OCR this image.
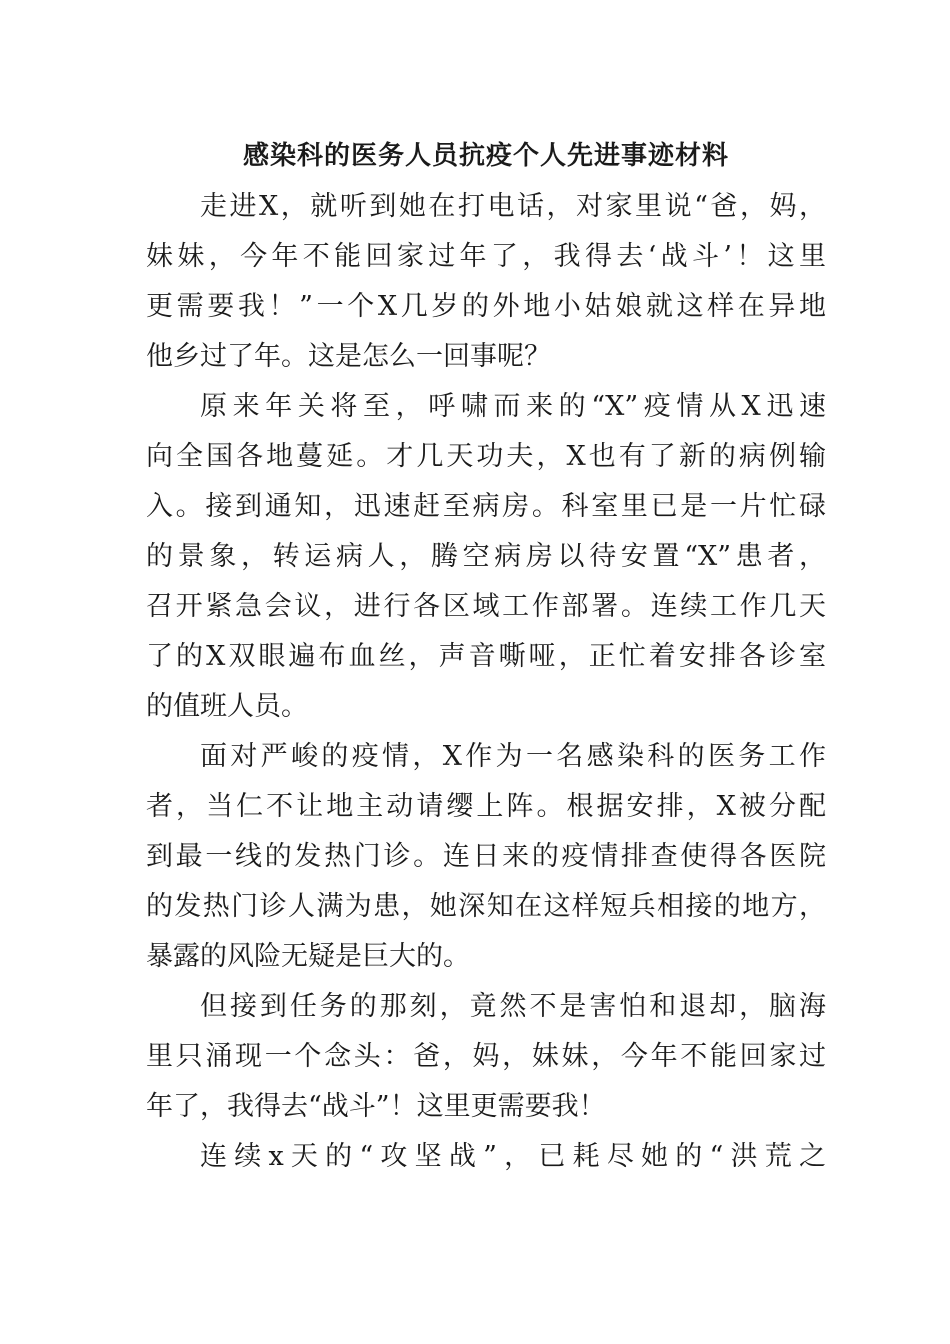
感染科的医务人员抗疫个人先进事迹材料
走进X，就听到她在打电话，对家里说“爸，妈，
妹妹，今年不能回家过年了，我得去‘战斗’！这里
更需要我！”一个X几岁的外地小姑娘就这样在异地
他乡过了年。这是怎么一回事呢？
原来年关将至，呼啸而来的“X”疫情从X迅速
向全国各地蔓延。才几天功夫，X也有了新的病例输
入。接到通知，迅速赶至病房。科室里已是一片忙碌
的景象，转运病人，腾空病房以待安置“X”患者，
召开紧急会议，进行各区域工作部署。连续工作几天
了的X双眼遍布血丝，声音嘶哑，正忙着安排各诊室
的值班人员。
面对严峻的疫情，X作为一名感染科的医务工作
者，当仁不让地主动请缨上阵。根据安排，X被分配
到最一线的发热门诊。连日来的疫情排查使得各医院
的发热门诊人满为患，她深知在这样短兵相接的地方，
暴露的风险无疑是巨大的。
但接到任务的那刻，竟然不是害怕和退却，脑海
里只涌现一个念头：爸，妈，妹妹，今年不能回家过
年了，我得去“战斗”！这里更需要我！
连续x天的“攻坚战”，已耗尽她的“洪荒之
